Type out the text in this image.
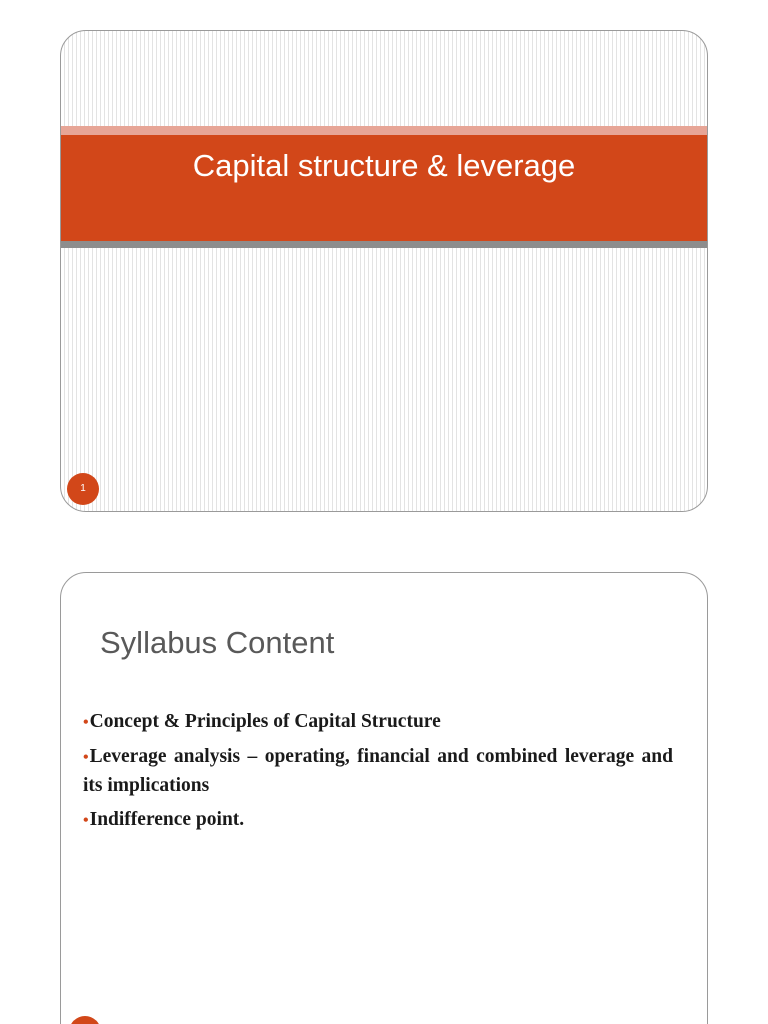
Capital structure & leverage
1
Syllabus Content
•Concept & Principles of Capital Structure
•Leverage analysis – operating, financial and combined leverage and its implications
•Indifference point.
